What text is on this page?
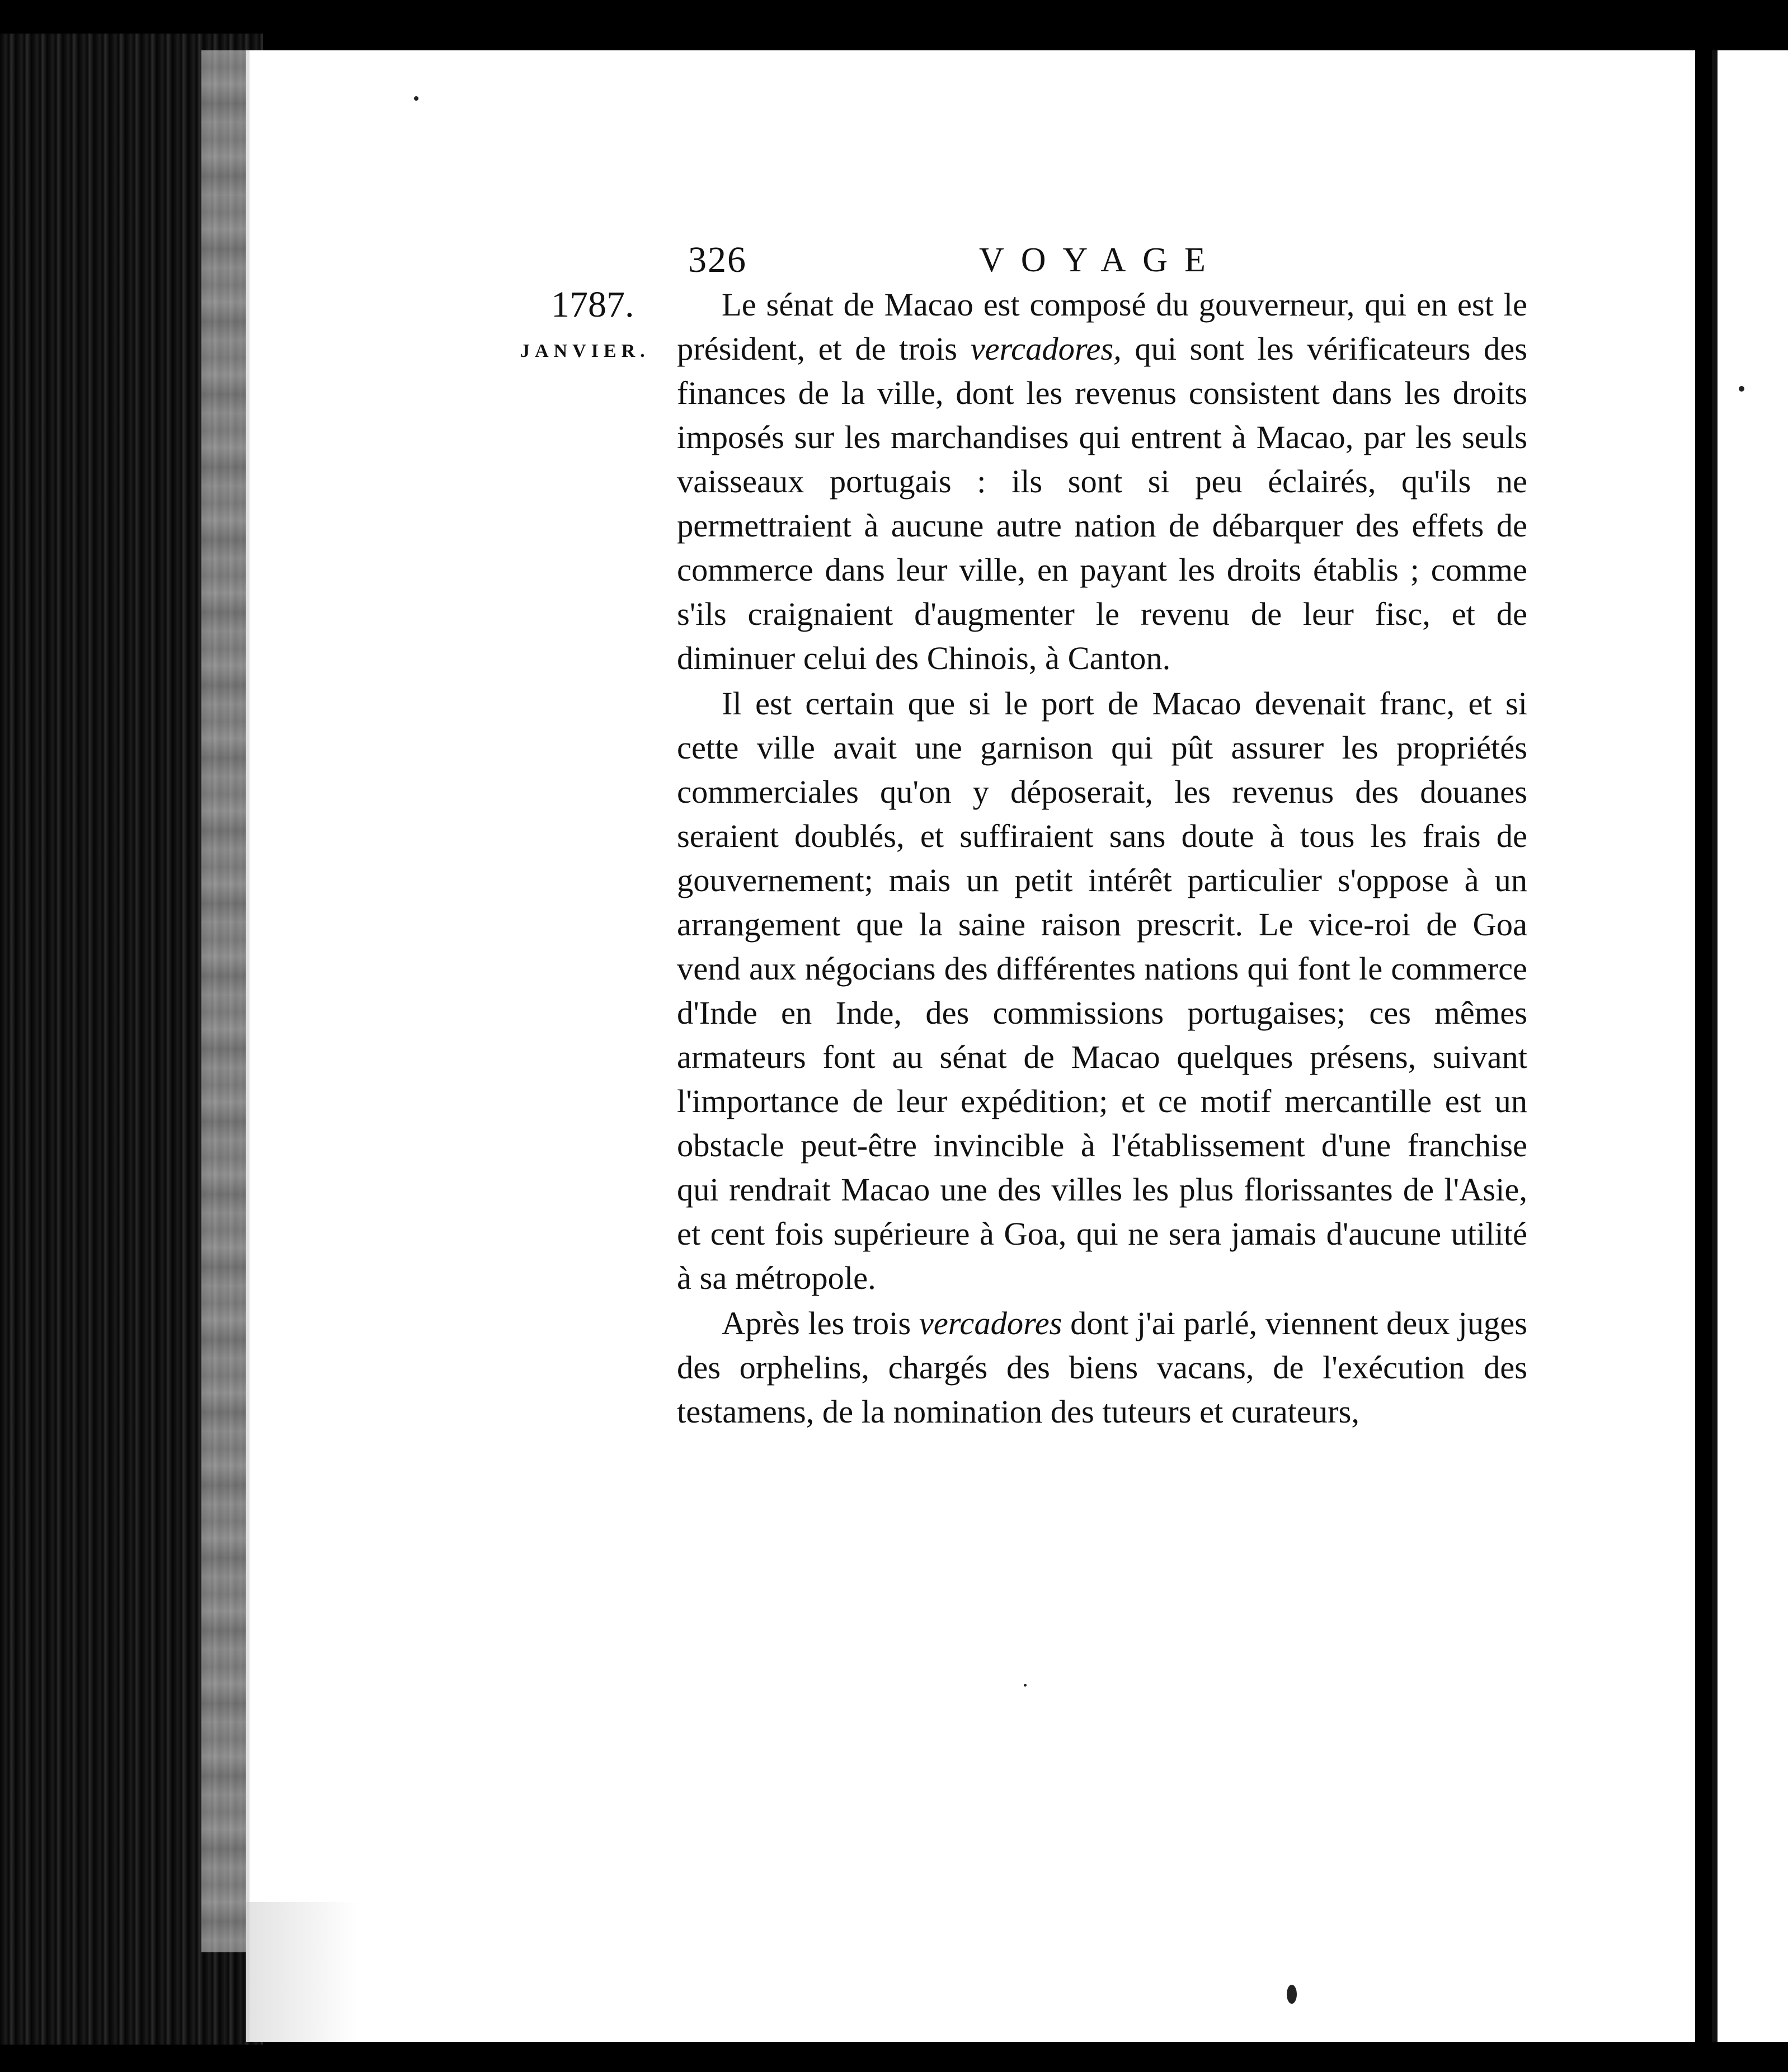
326	VOYAGE
1787.
JANVIER.

Le sénat de Macao est composé du gouverneur, qui en est le président, et de trois vercadores, qui sont les vérificateurs des finances de la ville, dont les revenus consistent dans les droits imposés sur les marchandises qui entrent à Macao, par les seuls vaisseaux portugais : ils sont si peu éclairés, qu'ils ne permettraient à aucune autre nation de débarquer des effets de commerce dans leur ville, en payant les droits établis ; comme s'ils craignaient d'augmenter le revenu de leur fisc, et de diminuer celui des Chinois, à Canton.

Il est certain que si le port de Macao devenait franc, et si cette ville avait une garnison qui pût assurer les propriétés commerciales qu'on y déposerait, les revenus des douanes seraient doublés, et suffiraient sans doute à tous les frais de gouvernement; mais un petit intérêt particulier s'oppose à un arrangement que la saine raison prescrit. Le vice-roi de Goa vend aux négocians des différentes nations qui font le commerce d'Inde en Inde, des commissions portugaises; ces mêmes armateurs font au sénat de Macao quelques présens, suivant l'importance de leur expédition; et ce motif mercantille est un obstacle peut-être invincible à l'établissement d'une franchise qui rendrait Macao une des villes les plus florissantes de l'Asie, et cent fois supérieure à Goa, qui ne sera jamais d'aucune utilité à sa métropole.

Après les trois vercadores dont j'ai parlé, viennent deux juges des orphelins, chargés des biens vacans, de l'exécution des testamens, de la nomination des tuteurs et curateurs,
